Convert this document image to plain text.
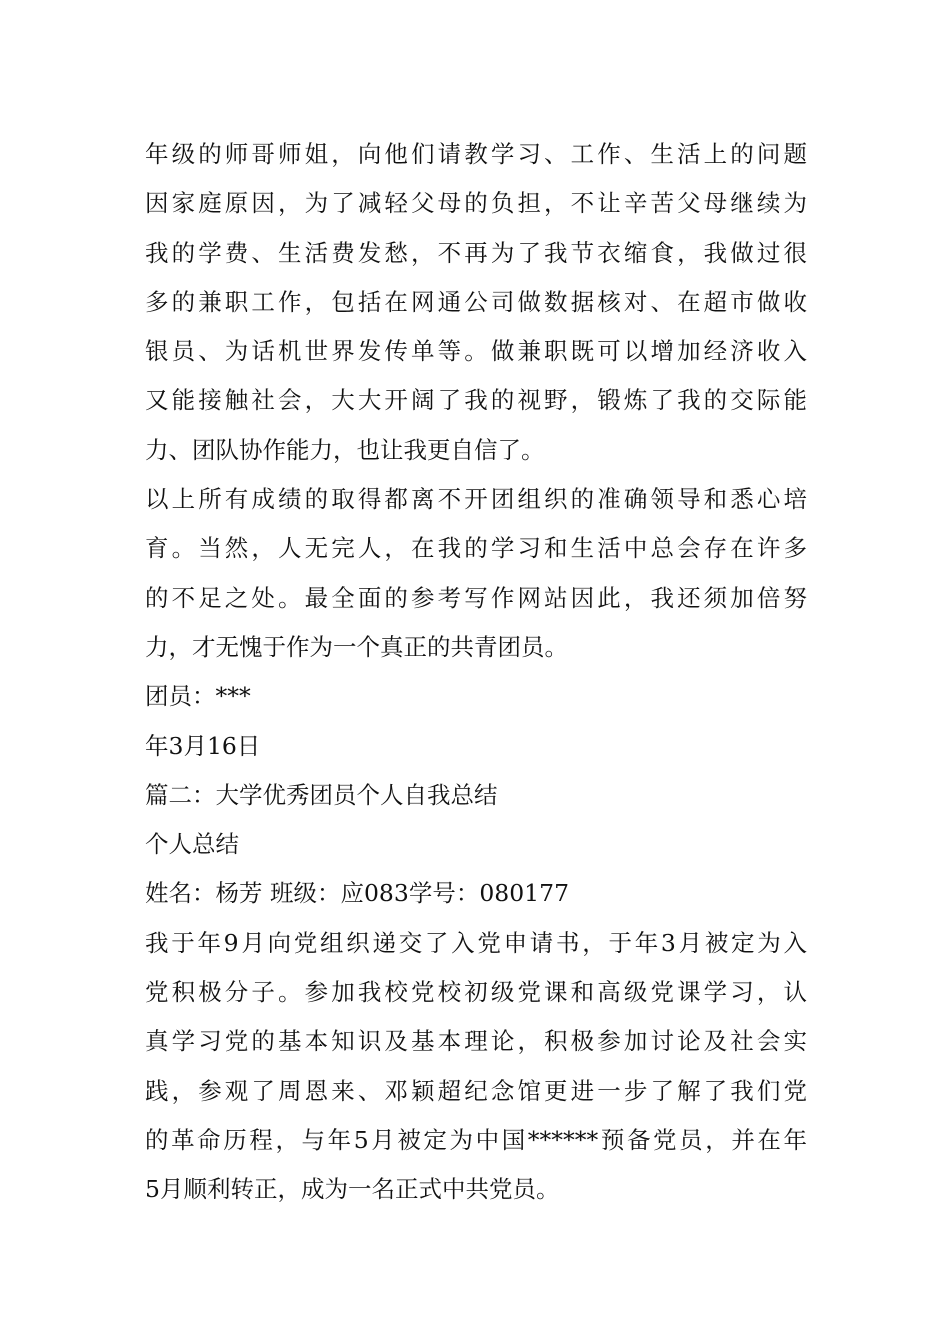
年级的师哥师姐，向他们请教学习、工作、生活上的问题
因家庭原因，为了减轻父母的负担，不让辛苦父母继续为
我的学费、生活费发愁，不再为了我节衣缩食，我做过很
多的兼职工作，包括在网通公司做数据核对、在超市做收
银员、为话机世界发传单等。做兼职既可以增加经济收入
又能接触社会，大大开阔了我的视野，锻炼了我的交际能
力、团队协作能力，也让我更自信了。
以上所有成绩的取得都离不开团组织的准确领导和悉心培
育。当然，人无完人，在我的学习和生活中总会存在许多
的不足之处。最全面的参考写作网站因此，我还须加倍努
力，才无愧于作为一个真正的共青团员。
团员：***
年3月16日
篇二：大学优秀团员个人自我总结
个人总结
姓名：杨芳 班级：应083学号：080177
我于年9月向党组织递交了入党申请书，于年3月被定为入
党积极分子。参加我校党校初级党课和高级党课学习，认
真学习党的基本知识及基本理论，积极参加讨论及社会实
践，参观了周恩来、邓颖超纪念馆更进一步了解了我们党
的革命历程，与年5月被定为中国******预备党员，并在年
5月顺利转正，成为一名正式中共党员。
